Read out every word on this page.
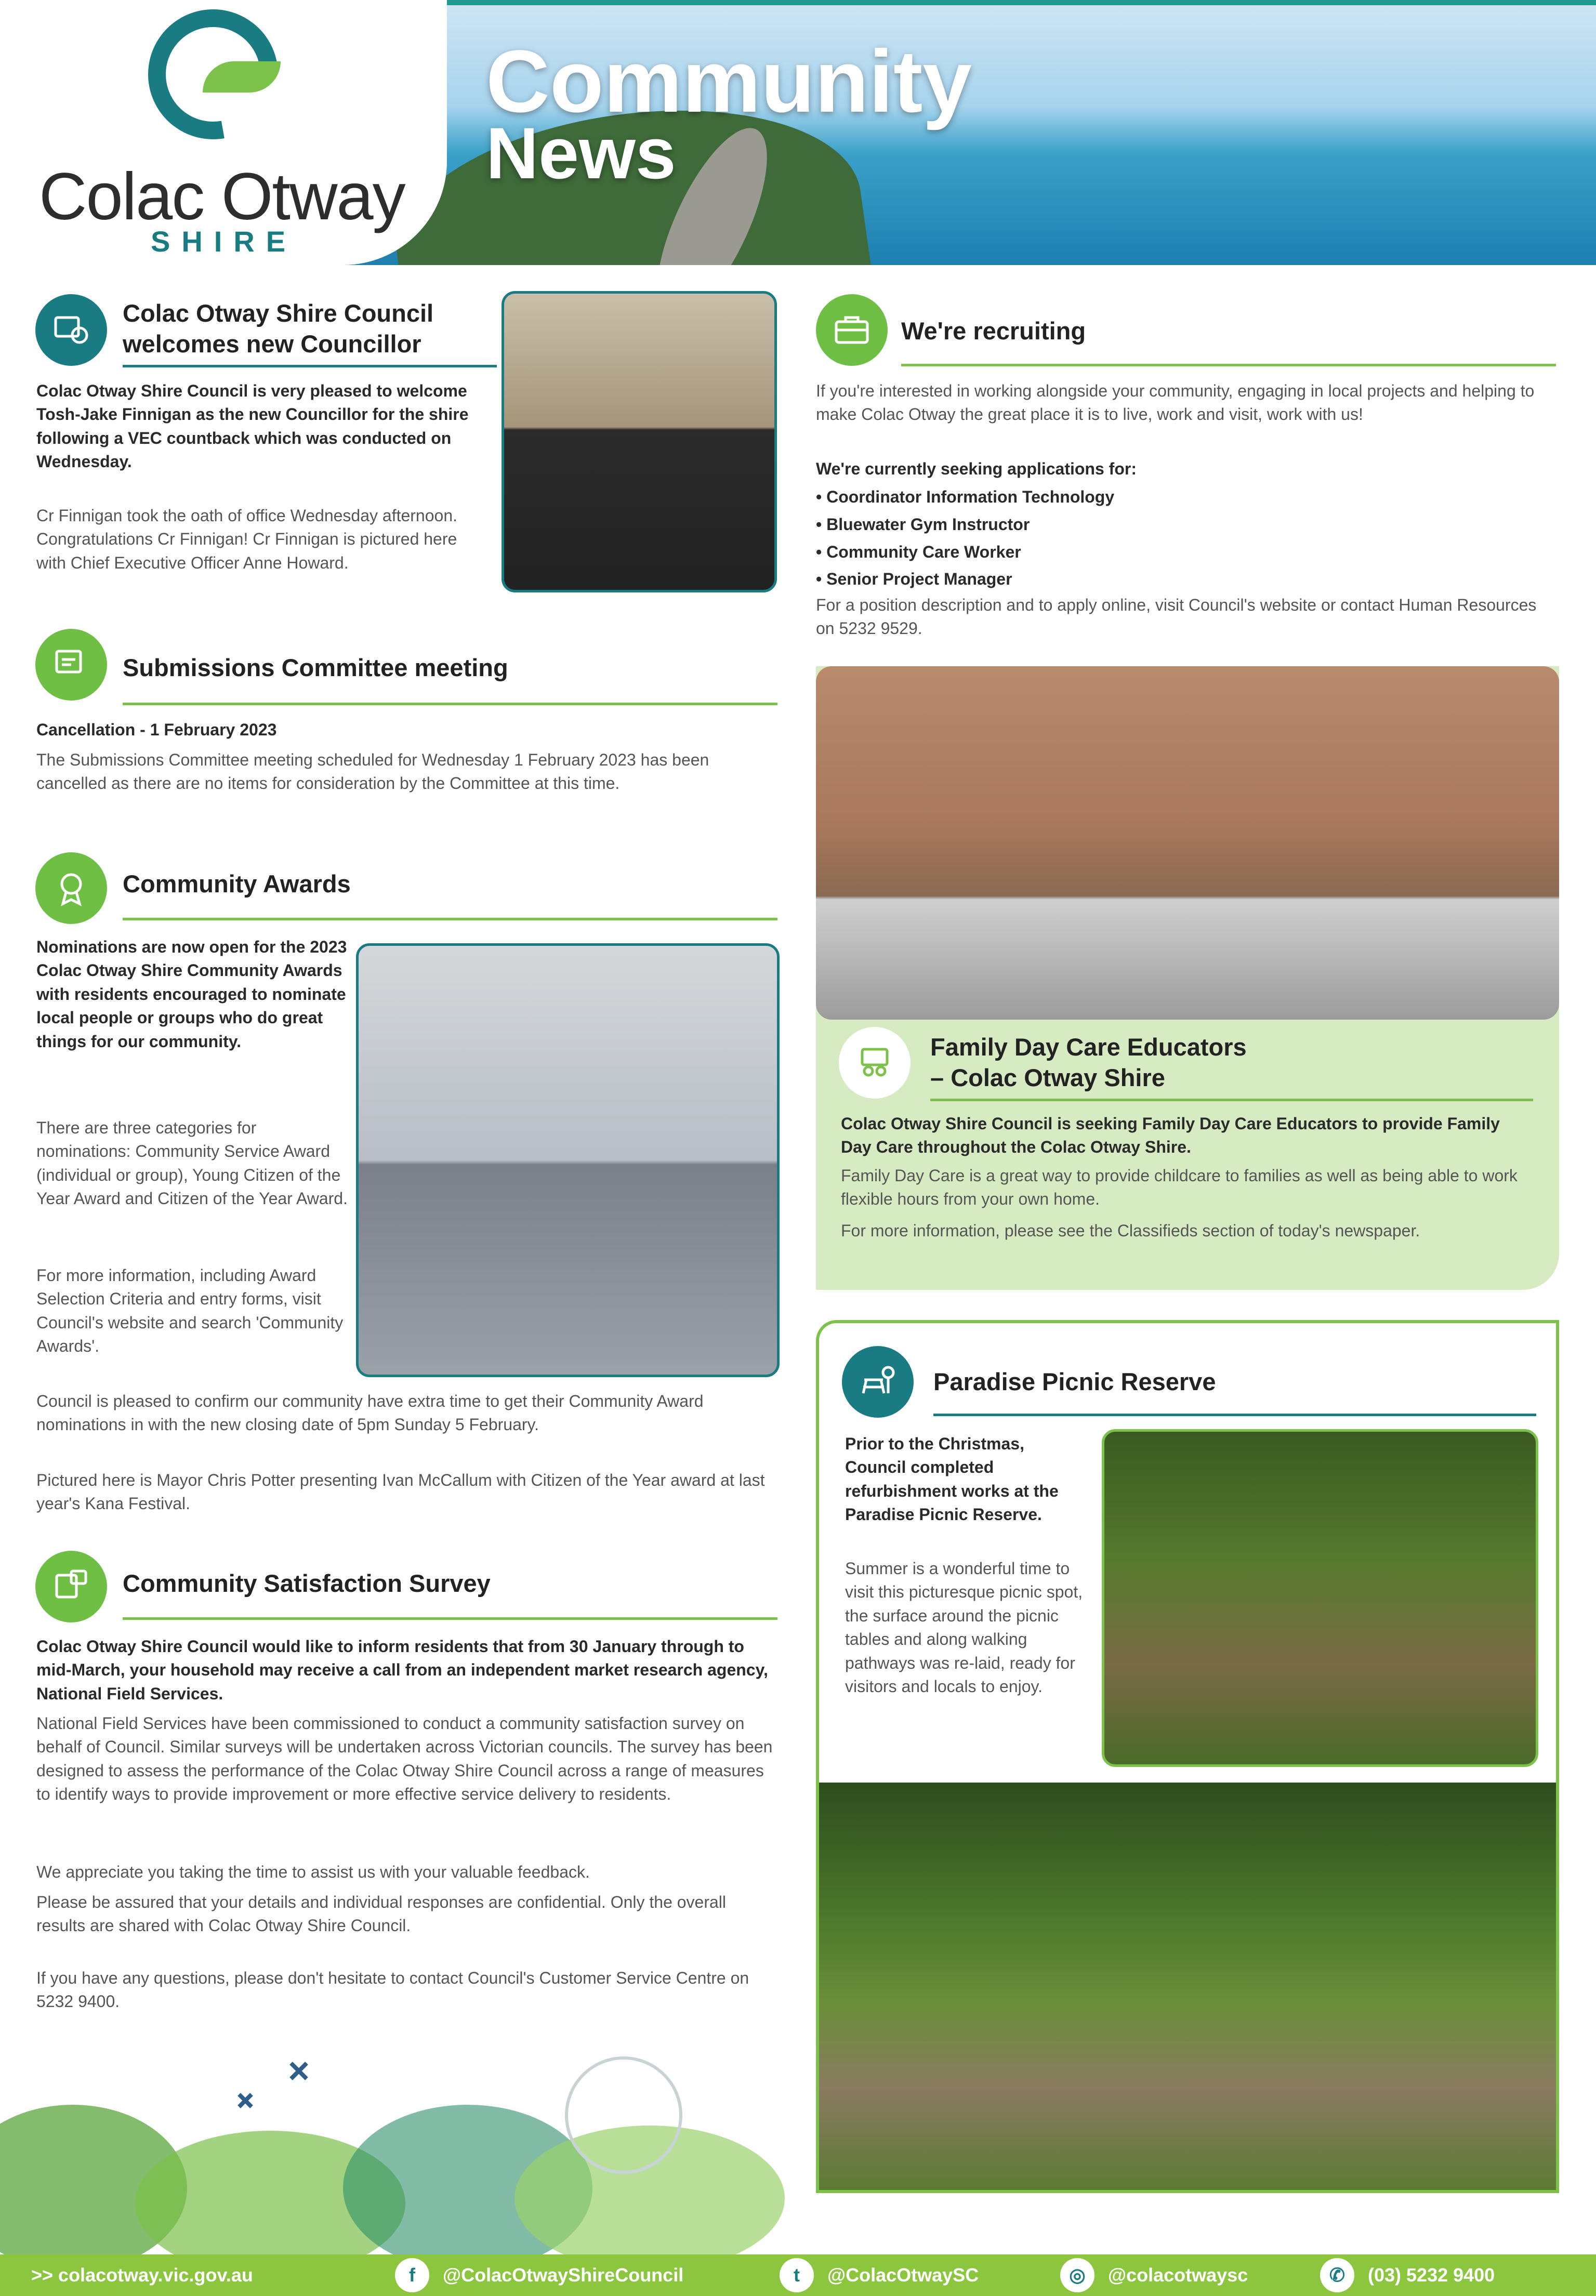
Colac Otway
SHIRE
Community
News
Colac Otway Shire Council
welcomes new Councillor
Colac Otway Shire Council is very pleased to welcome Tosh-Jake Finnigan as the new Councillor for the shire following a VEC countback which was conducted on Wednesday.
Cr Finnigan took the oath of office Wednesday afternoon. Congratulations Cr Finnigan! Cr Finnigan is pictured here with Chief Executive Officer Anne Howard.
Submissions Committee meeting
Cancellation - 1 February 2023
The Submissions Committee meeting scheduled for Wednesday 1 February 2023 has been cancelled as there are no items for consideration by the Committee at this time.
Community Awards
Nominations are now open for the 2023 Colac Otway Shire Community Awards with residents encouraged to nominate local people or groups who do great things for our community.
There are three categories for nominations: Community Service Award (individual or group), Young Citizen of the Year Award and Citizen of the Year Award.
For more information, including Award Selection Criteria and entry forms, visit Council's website and search 'Community Awards'.
Council is pleased to confirm our community have extra time to get their Community Award nominations in with the new closing date of 5pm Sunday 5 February.
Pictured here is Mayor Chris Potter presenting Ivan McCallum with Citizen of the Year award at last year's Kana Festival.
Community Satisfaction Survey
Colac Otway Shire Council would like to inform residents that from 30 January through to mid-March, your household may receive a call from an independent market research agency, National Field Services.
National Field Services have been commissioned to conduct a community satisfaction survey on behalf of Council. Similar surveys will be undertaken across Victorian councils. The survey has been designed to assess the performance of the Colac Otway Shire Council across a range of measures to identify ways to provide improvement or more effective service delivery to residents.
We appreciate you taking the time to assist us with your valuable feedback.
Please be assured that your details and individual responses are confidential. Only the overall results are shared with Colac Otway Shire Council.
If you have any questions, please don't hesitate to contact Council's Customer Service Centre on 5232 9400.
We're recruiting
If you're interested in working alongside your community, engaging in local projects and helping to make Colac Otway the great place it is to live, work and visit, work with us!
We're currently seeking applications for:
• Coordinator Information Technology
• Bluewater Gym Instructor
• Community Care Worker
• Senior Project Manager
For a position description and to apply online, visit Council's website or contact Human Resources on 5232 9529.
Family Day Care Educators
– Colac Otway Shire
Colac Otway Shire Council is seeking Family Day Care Educators to provide Family Day Care throughout the Colac Otway Shire.
Family Day Care is a great way to provide childcare to families as well as being able to work flexible hours from your own home.
For more information, please see the Classifieds section of today's newspaper.
Paradise Picnic Reserve
Prior to the Christmas, Council completed refurbishment works at the Paradise Picnic Reserve.
Summer is a wonderful time to visit this picturesque picnic spot, the surface around the picnic tables and along walking pathways was re-laid, ready for visitors and locals to enjoy.
>> colacotway.vic.gov.au	f	@ColacOtwayShireCouncil	t	@ColacOtwaySC	◎	@colacotwaysc	✆	(03) 5232 9400
